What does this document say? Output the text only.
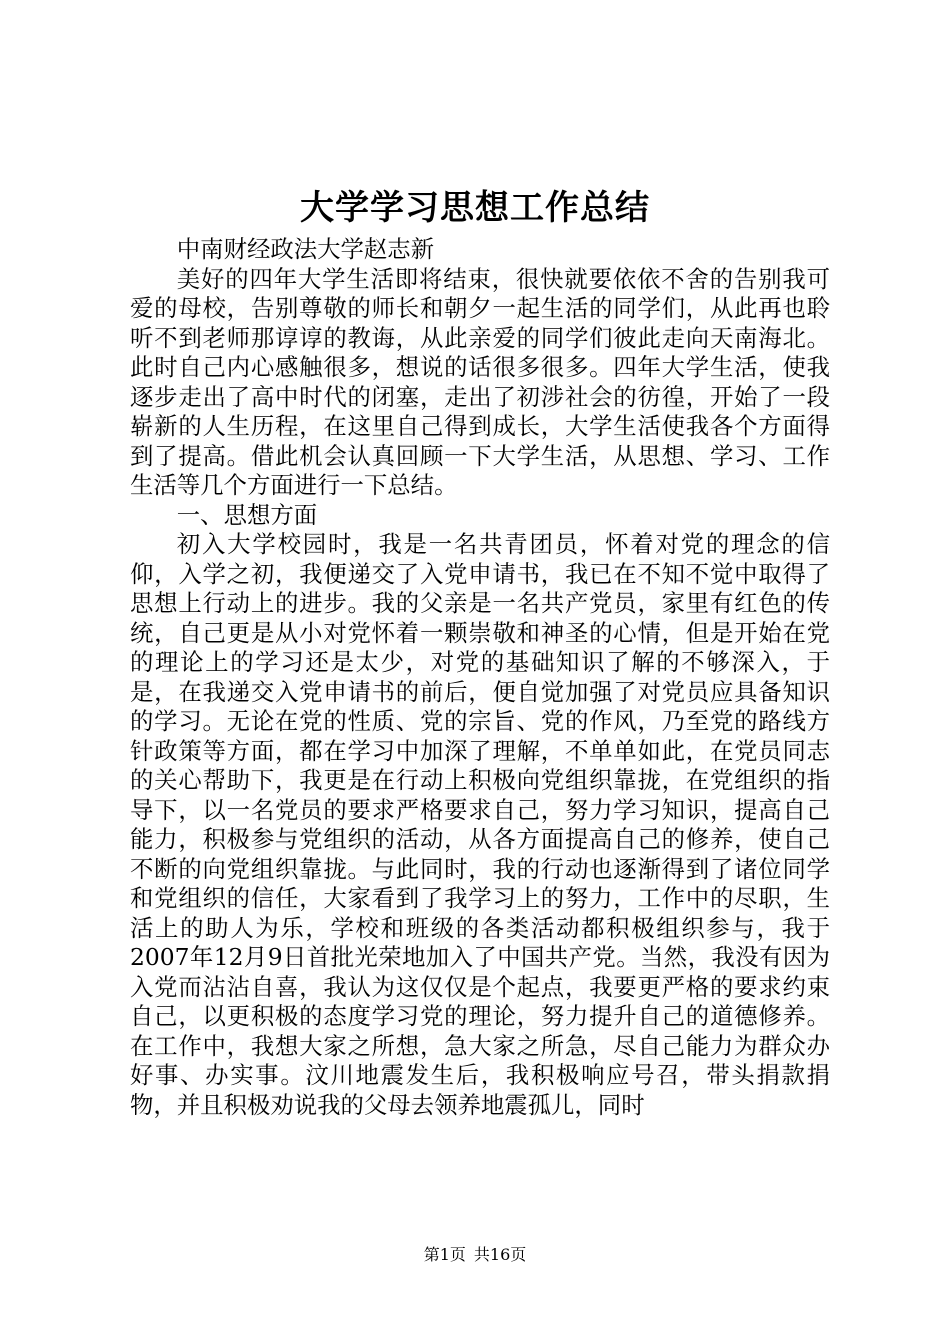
大学学习思想工作总结

中南财经政法大学赵志新

美好的四年大学生活即将结束，很快就要依依不舍的告别我可爱的母校，告别尊敬的师长和朝夕一起生活的同学们，从此再也聆听不到老师那谆谆的教诲，从此亲爱的同学们彼此走向天南海北。此时自己内心感触很多，想说的话很多很多。四年大学生活，使我逐步走出了高中时代的闭塞，走出了初涉社会的彷徨，开始了一段崭新的人生历程，在这里自己得到成长，大学生活使我各个方面得到了提高。借此机会认真回顾一下大学生活，从思想、学习、工作生活等几个方面进行一下总结。

一、思想方面

初入大学校园时，我是一名共青团员，怀着对党的理念的信仰，入学之初，我便递交了入党申请书，我已在不知不觉中取得了思想上行动上的进步。我的父亲是一名共产党员，家里有红色的传统，自己更是从小对党怀着一颗崇敬和神圣的心情，但是开始在党的理论上的学习还是太少，对党的基础知识了解的不够深入，于是，在我递交入党申请书的前后，便自觉加强了对党员应具备知识的学习。无论在党的性质、党的宗旨、党的作风，乃至党的路线方针政策等方面，都在学习中加深了理解，不单单如此，在党员同志的关心帮助下，我更是在行动上积极向党组织靠拢，在党组织的指导下，以一名党员的要求严格要求自己，努力学习知识，提高自己能力，积极参与党组织的活动，从各方面提高自己的修养，使自己不断的向党组织靠拢。与此同时，我的行动也逐渐得到了诸位同学和党组织的信任，大家看到了我学习上的努力，工作中的尽职，生活上的助人为乐，学校和班级的各类活动都积极组织参与，我于2007年12月9日首批光荣地加入了中国共产党。当然，我没有因为入党而沾沾自喜，我认为这仅仅是个起点，我要更严格的要求约束自己，以更积极的态度学习党的理论，努力提升自己的道德修养。在工作中，我想大家之所想，急大家之所急，尽自己能力为群众办好事、办实事。汶川地震发生后，我积极响应号召，带头捐款捐物，并且积极劝说我的父母去领养地震孤儿，同时

第1页 共16页
